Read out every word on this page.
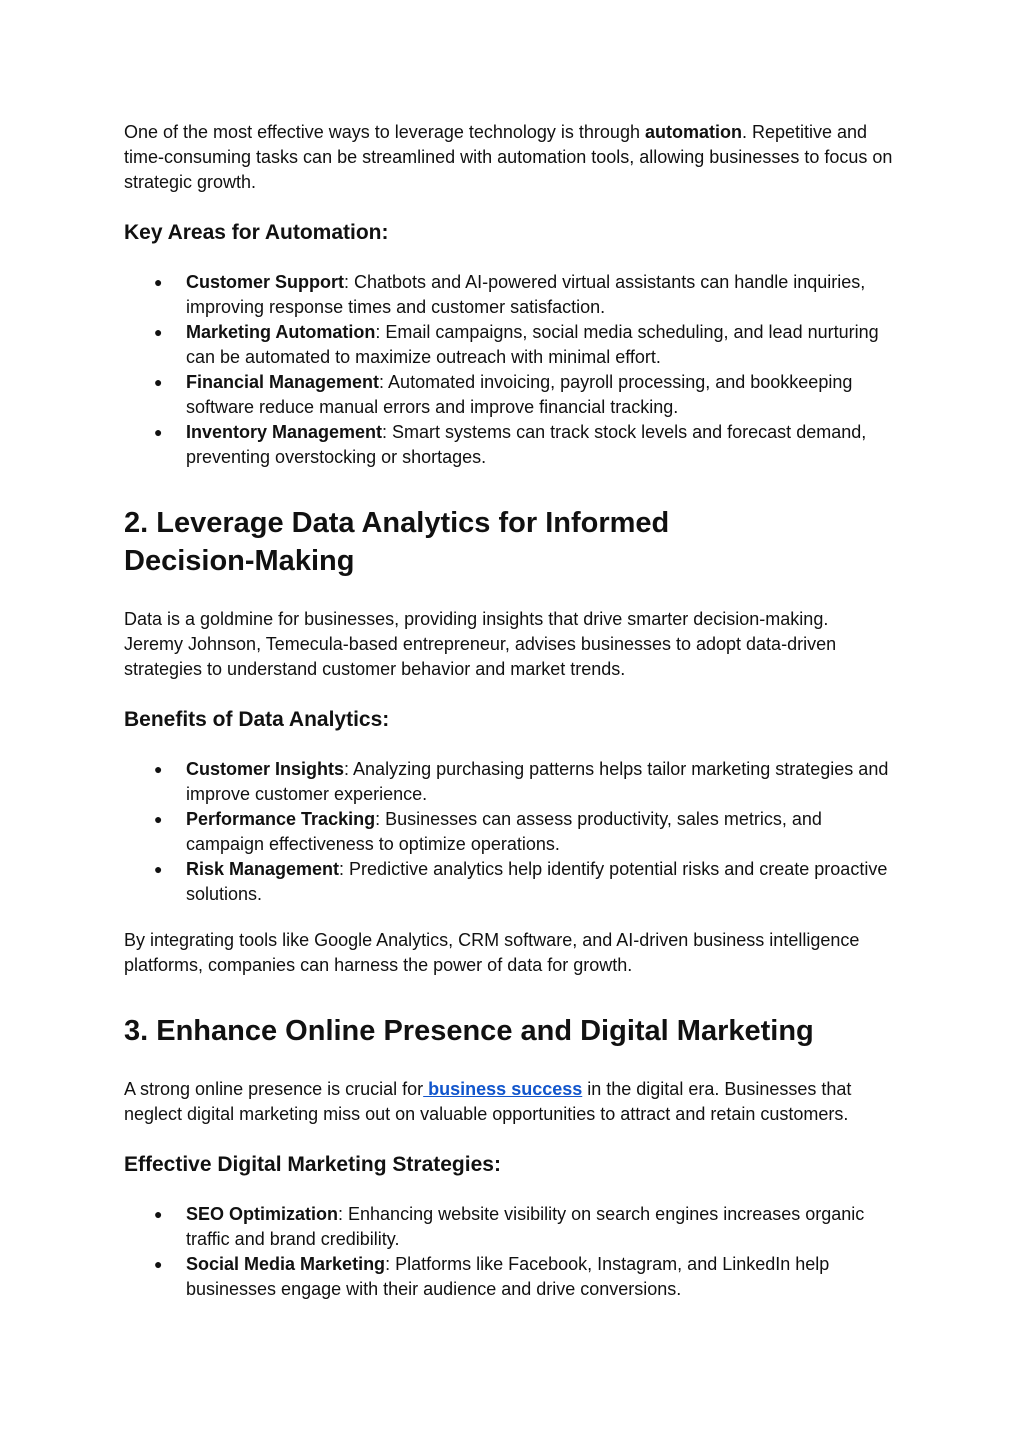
One of the most effective ways to leverage technology is through automation. Repetitive and time-consuming tasks can be streamlined with automation tools, allowing businesses to focus on strategic growth.

Key Areas for Automation:
● Customer Support: Chatbots and AI-powered virtual assistants can handle inquiries, improving response times and customer satisfaction.
● Marketing Automation: Email campaigns, social media scheduling, and lead nurturing can be automated to maximize outreach with minimal effort.
● Financial Management: Automated invoicing, payroll processing, and bookkeeping software reduce manual errors and improve financial tracking.
● Inventory Management: Smart systems can track stock levels and forecast demand, preventing overstocking or shortages.
2. Leverage Data Analytics for Informed
Decision-Making

Data is a goldmine for businesses, providing insights that drive smarter decision-making. Jeremy Johnson, Temecula-based entrepreneur, advises businesses to adopt data-driven strategies to understand customer behavior and market trends.

Benefits of Data Analytics:
● Customer Insights: Analyzing purchasing patterns helps tailor marketing strategies and improve customer experience.
● Performance Tracking: Businesses can assess productivity, sales metrics, and campaign effectiveness to optimize operations.
● Risk Management: Predictive analytics help identify potential risks and create proactive solutions.

By integrating tools like Google Analytics, CRM software, and AI-driven business intelligence platforms, companies can harness the power of data for growth.

3. Enhance Online Presence and Digital Marketing

A strong online presence is crucial for business success in the digital era. Businesses that neglect digital marketing miss out on valuable opportunities to attract and retain customers.

Effective Digital Marketing Strategies:
● SEO Optimization: Enhancing website visibility on search engines increases organic traffic and brand credibility.
● Social Media Marketing: Platforms like Facebook, Instagram, and LinkedIn help businesses engage with their audience and drive conversions.
